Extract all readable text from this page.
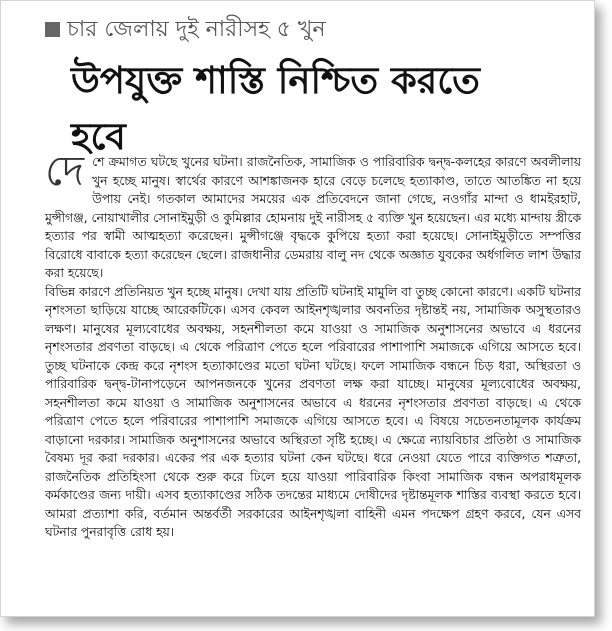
চার জেলায় দুই নারীসহ ৫ খুন
উপযুক্ত শাস্তি নিশ্চিত করতে হবে

দেশে ক্রমাগত ঘটছে খুনের ঘটনা। রাজনৈতিক, সামাজিক ও পারিবারিক দ্বন্দ্ব-কলহের কারণে অবলীলায় খুন হচ্ছে মানুষ। স্বার্থের কারণে আশঙ্কাজনক হারে বেড়ে চলেছে হত্যাকাণ্ড, তাতে আতঙ্কিত না হয়ে উপায় নেই। গতকাল আমাদের সময়ের এক প্রতিবেদনে জানা গেছে, নওগাঁর মান্দা ও ধামইরহাট, মুন্সীগঞ্জ, নোয়াখালীর সোনাইমুড়ী ও কুমিল্লার হোমনায় দুই নারীসহ ৫ ব্যক্তি খুন হয়েছেন। এর মধ্যে মান্দায় স্ত্রীকে হত্যার পর স্বামী আত্মহত্যা করেছেন। মুন্সীগঞ্জে বৃদ্ধকে কুপিয়ে হত্যা করা হয়েছে। সোনাইমুড়ীতে সম্পত্তির বিরোধে বাবাকে হত্যা করেছেন ছেলে। রাজধানীর ডেমরায় বালু নদ থেকে অজ্ঞাত যুবকের অর্ধগলিত লাশ উদ্ধার করা হয়েছে।

বিভিন্ন কারণে প্রতিনিয়ত খুন হচ্ছে মানুষ। দেখা যায় প্রতিটি ঘটনাই মামুলি বা তুচ্ছ কোনো কারণে। একটি ঘটনার নৃশংসতা ছাড়িয়ে যাচ্ছে আরেকটিকে। এসব কেবল আইনশৃঙ্খলার অবনতির দৃষ্টান্তই নয়, সামাজিক অসুস্থতারও লক্ষণ। মানুষের মূল্যবোধের অবক্ষয়, সহনশীলতা কমে যাওয়া ও সামাজিক অনুশাসনের অভাবে এ ধরনের নৃশংসতার প্রবণতা বাড়ছে। এ থেকে পরিত্রাণ পেতে হলে পরিবারের পাশাপাশি সমাজকে এগিয়ে আসতে হবে। তুচ্ছ ঘটনাকে কেন্দ্র করে নৃশংস হত্যাকাণ্ডের মতো ঘটনা ঘটছে। ফলে সামাজিক বন্ধনে চিড় ধরা, অস্থিরতা ও পারিবারিক দ্বন্দ্ব-টানাপড়েনে আপনজনকে খুনের প্রবণতা লক্ষ করা যাচ্ছে। মানুষের মূল্যবোধের অবক্ষয়, সহনশীলতা কমে যাওয়া ও সামাজিক অনুশাসনের অভাবে এ ধরনের নৃশংসতার প্রবণতা বাড়ছে। এ থেকে পরিত্রাণ পেতে হলে পরিবারের পাশাপাশি সমাজকে এগিয়ে আসতে হবে। এ বিষয়ে সচেতনতামূলক কার্যক্রম বাড়ানো দরকার। সামাজিক অনুশাসনের অভাবে অস্থিরতা সৃষ্টি হচ্ছে। এ ক্ষেত্রে ন্যায়বিচার প্রতিষ্ঠা ও সামাজিক বৈষম্য দূর করা দরকার। একের পর এক হত্যার ঘটনা কেন ঘটছে। ধরে নেওয়া যেতে পারে ব্যক্তিগত শত্রুতা, রাজনৈতিক প্রতিহিংসা থেকে শুরু করে ঢিলে হয়ে যাওয়া পারিবারিক কিংবা সামাজিক বন্ধন অপরাধমূলক কর্মকাণ্ডের জন্য দায়ী। এসব হত্যাকাণ্ডের সঠিক তদন্তের মাধ্যমে দোষীদের দৃষ্টান্তমূলক শাস্তির ব্যবস্থা করতে হবে। আমরা প্রত্যাশা করি, বর্তমান অন্তর্বর্তী সরকারের আইনশৃঙ্খলা বাহিনী এমন পদক্ষেপ গ্রহণ করবে, যেন এসব ঘটনার পুনরাবৃত্তি রোধ হয়।
